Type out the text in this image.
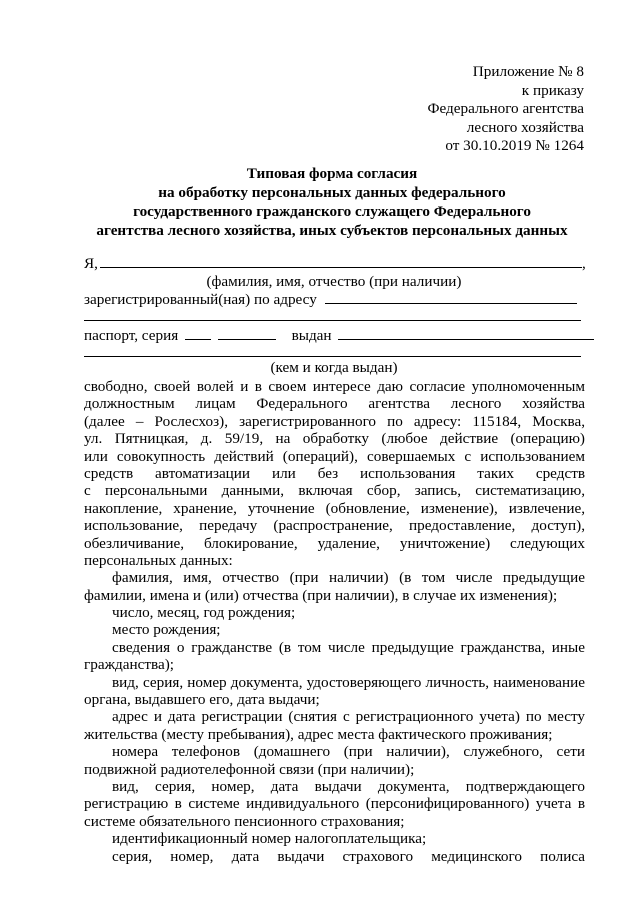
Приложение № 8
к приказу
Федерального агентства
лесного хозяйства
от 30.10.2019 № 1264
Типовая форма согласия
на обработку персональных данных федерального
государственного гражданского служащего Федерального
агентства лесного хозяйства, иных субъектов персональных данных
Я,	,
(фамилия, имя, отчество (при наличии)
зарегистрированный(ная) по адресу
паспорт, серия	выдан
(кем и когда выдан)
свободно, своей волей и в своем интересе даю согласие уполномоченным
должностным лицам Федерального агентства лесного хозяйства
(далее – Рослесхоз), зарегистрированного по адресу: 115184, Москва,
ул. Пятницкая, д. 59/19, на обработку (любое действие (операцию)
или совокупность действий (операций), совершаемых с использованием
средств автоматизации или без использования таких средств
с персональными данными, включая сбор, запись, систематизацию,
накопление, хранение, уточнение (обновление, изменение), извлечение,
использование, передачу (распространение, предоставление, доступ),
обезличивание, блокирование, удаление, уничтожение) следующих
персональных данных:
фамилия, имя, отчество (при наличии) (в том числе предыдущие
фамилии, имена и (или) отчества (при наличии), в случае их изменения);
число, месяц, год рождения;
место рождения;
сведения о гражданстве (в том числе предыдущие гражданства, иные
гражданства);
вид, серия, номер документа, удостоверяющего личность, наименование
органа, выдавшего его, дата выдачи;
адрес и дата регистрации (снятия с регистрационного учета) по месту
жительства (месту пребывания), адрес места фактического проживания;
номера телефонов (домашнего (при наличии), служебного, сети
подвижной радиотелефонной связи (при наличии);
вид, серия, номер, дата выдачи документа, подтверждающего
регистрацию в системе индивидуального (персонифицированного) учета в
системе обязательного пенсионного страхования;
идентификационный номер налогоплательщика;
серия, номер, дата выдачи страхового медицинского полиса
